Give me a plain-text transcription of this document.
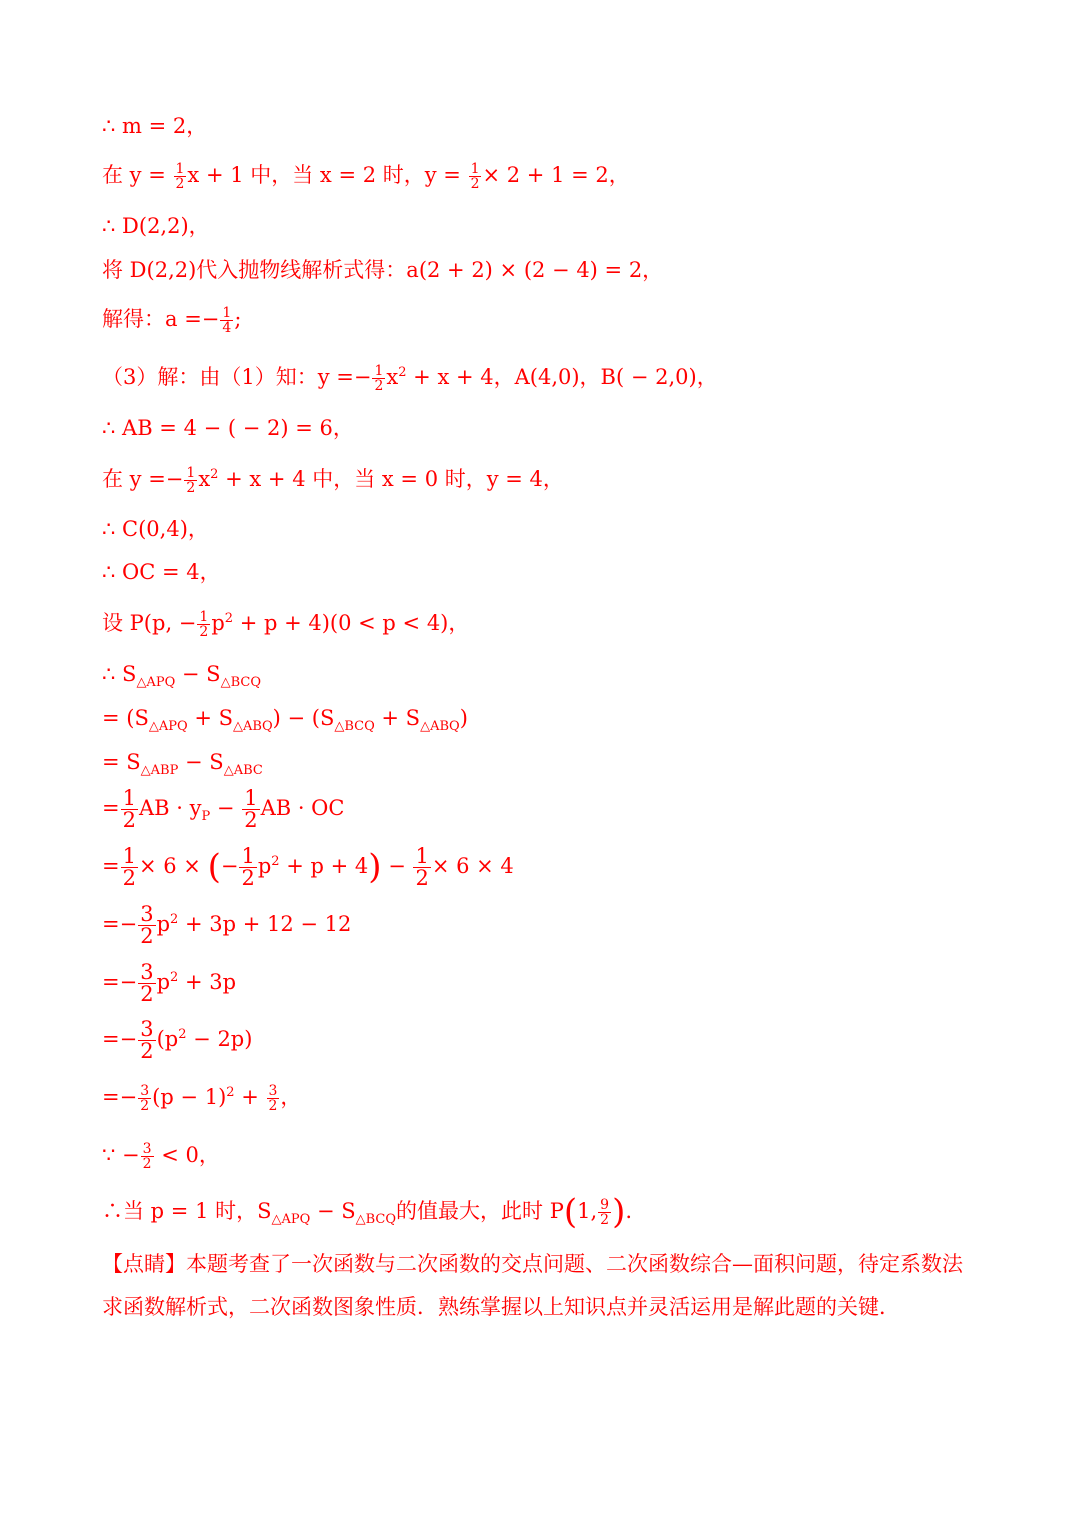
∴ m = 2，
在 $y = \frac{1}{2}$ x + 1 中，当 x = 2 时，$y = \frac{1}{2} \times 2 + 1 = 2$，
∴ D(2,2)，
将 D(2,2)代入抛物线解析式得：a(2 + 2) × (2 − 4) = 2，
解得：$a =- \frac{1}{4}$ ;
（3）解：由（1）知：$y =- \frac{1}{2} x^2 + x + 4$，A(4,0)，B( − 2,0)，
∴ AB = 4 − ( − 2) = 6，
在 $y =- \frac{1}{2} x^2 + x + 4$ 中，当 x = 0 时，y = 4，
∴ C(0,4)，
∴ OC = 4，
设 P(p, − $\frac{1}{2} p^2 + p + 4)(0 < p < 4)$，
∴ $S_{\triangle APQ} - S_{\triangle BCQ}$
= $(S_{\triangle APQ} + S_{\triangle ABQ}) - (S_{\triangle BCQ} + S_{\triangle ABQ})$
= $S_{\triangle ABP} - S_{\triangle ABC}$
= $\frac{1}{2}$ AB · $y_P - \frac{1}{2}$ AB · OC
= $\frac{1}{2} \times 6$ × (− $\frac{1}{2} p^2 + p + 4) - \frac{1}{2} \times 6 \times 4$
=− $\frac{3}{2} p^2 + 3p + 12 - 12$
=− $\frac{3}{2} p^2 + 3p$
=− $\frac{3}{2} (p^2 - 2p)$
=− $\frac{3}{2} (p - 1)^2 + \frac{3}{2}$ ，
∵ − $\frac{3}{2} < 0$，
∴当 p = 1 时，$S_{\triangle APQ} - S_{\triangle BCQ}$的值最大，此时 P(1, $\frac{9}{2}$ ).
【点睛】本题考查了一次函数与二次函数的交点问题、二次函数综合—面积问题，待定系数法求函数解析式，二次函数图象性质．熟练掌握以上知识点并灵活运用是解此题的关键．
